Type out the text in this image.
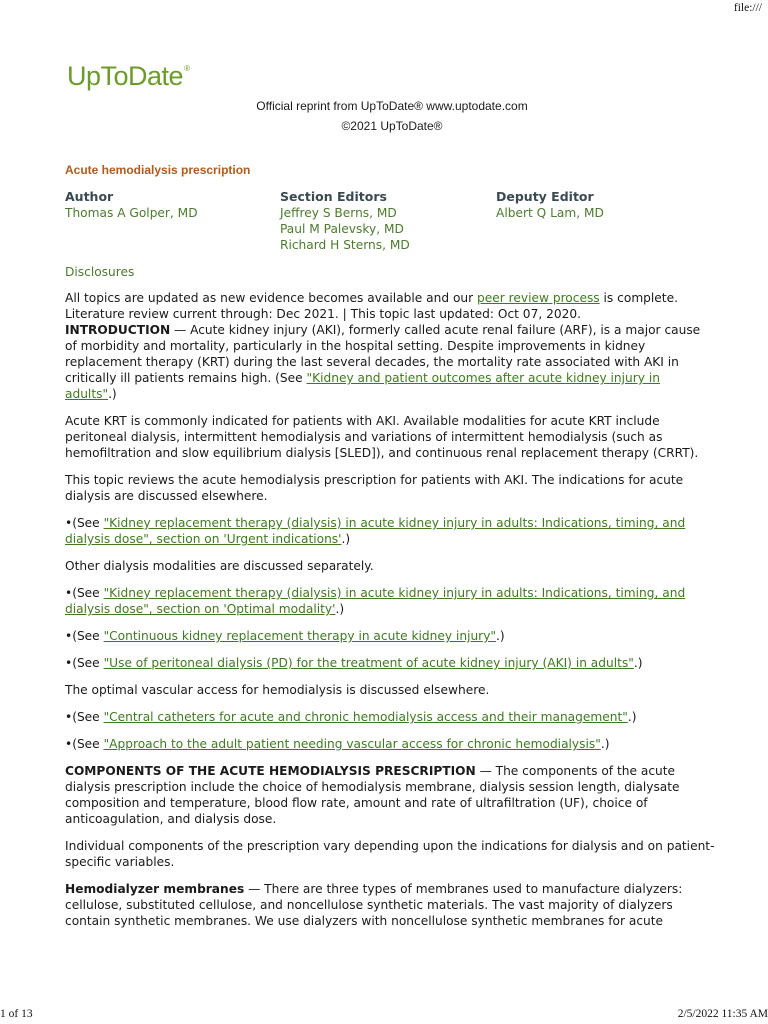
file:///
UpToDate®
Official reprint from UpToDate® www.uptodate.com
©2021 UpToDate®
Acute hemodialysis prescription
Author
Thomas A Golper, MD
Section Editors
Jeffrey S Berns, MD
Paul M Palevsky, MD
Richard H Sterns, MD
Deputy Editor
Albert Q Lam, MD
Disclosures

All topics are updated as new evidence becomes available and our peer review process is complete.

Literature review current through: Dec 2021. | This topic last updated: Oct 07, 2020.

INTRODUCTION — Acute kidney injury (AKI), formerly called acute renal failure (ARF), is a major cause of morbidity and mortality, particularly in the hospital setting. Despite improvements in kidney replacement therapy (KRT) during the last several decades, the mortality rate associated with AKI in critically ill patients remains high. (See "Kidney and patient outcomes after acute kidney injury in adults".)

Acute KRT is commonly indicated for patients with AKI. Available modalities for acute KRT include peritoneal dialysis, intermittent hemodialysis and variations of intermittent hemodialysis (such as hemofiltration and slow equilibrium dialysis [SLED]), and continuous renal replacement therapy (CRRT).

This topic reviews the acute hemodialysis prescription for patients with AKI. The indications for acute dialysis are discussed elsewhere.

•(See "Kidney replacement therapy (dialysis) in acute kidney injury in adults: Indications, timing, and dialysis dose", section on 'Urgent indications'.)

Other dialysis modalities are discussed separately.

•(See "Kidney replacement therapy (dialysis) in acute kidney injury in adults: Indications, timing, and dialysis dose", section on 'Optimal modality'.)

•(See "Continuous kidney replacement therapy in acute kidney injury".)

•(See "Use of peritoneal dialysis (PD) for the treatment of acute kidney injury (AKI) in adults".)

The optimal vascular access for hemodialysis is discussed elsewhere.

•(See "Central catheters for acute and chronic hemodialysis access and their management".)

•(See "Approach to the adult patient needing vascular access for chronic hemodialysis".)

COMPONENTS OF THE ACUTE HEMODIALYSIS PRESCRIPTION — The components of the acute dialysis prescription include the choice of hemodialysis membrane, dialysis session length, dialysate composition and temperature, blood flow rate, amount and rate of ultrafiltration (UF), choice of anticoagulation, and dialysis dose.

Individual components of the prescription vary depending upon the indications for dialysis and on patient-specific variables.

Hemodialyzer membranes — There are three types of membranes used to manufacture dialyzers: cellulose, substituted cellulose, and noncellulose synthetic materials. The vast majority of dialyzers contain synthetic membranes. We use dialyzers with noncellulose synthetic membranes for acute

1 of 13	2/5/2022 11:35 AM
